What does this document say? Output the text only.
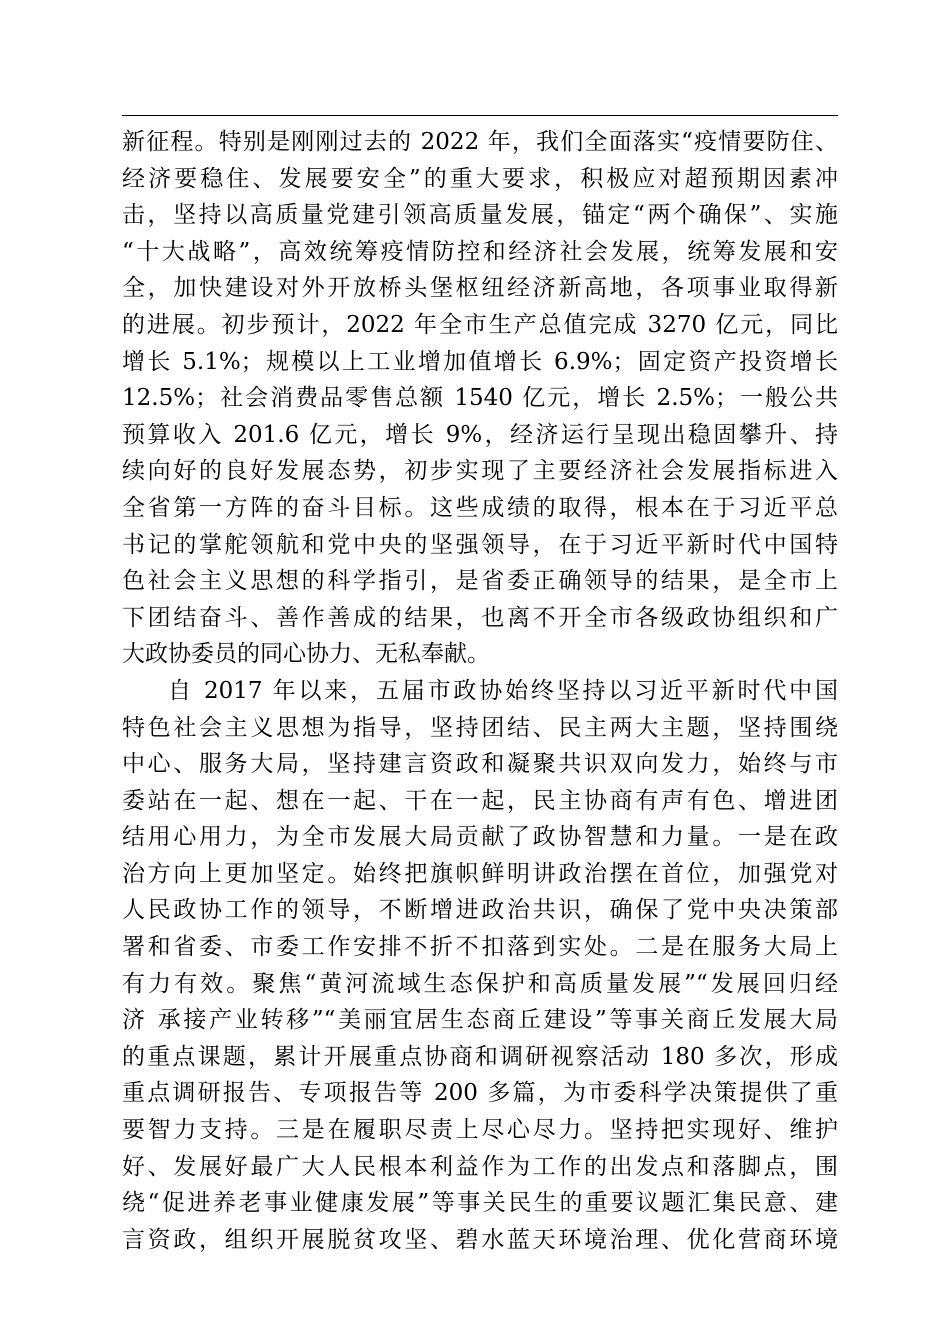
新征程。特别是刚刚过去的 2022 年，我们全面落实“疫情要防住、
经济要稳住、发展要安全”的重大要求，积极应对超预期因素冲
击，坚持以高质量党建引领高质量发展，锚定“两个确保”、实施
“十大战略”，高效统筹疫情防控和经济社会发展，统筹发展和安
全，加快建设对外开放桥头堡枢纽经济新高地，各项事业取得新
的进展。初步预计，2022 年全市生产总值完成 3270 亿元，同比
增长 5.1%；规模以上工业增加值增长 6.9%；固定资产投资增长
12.5%；社会消费品零售总额 1540 亿元，增长 2.5%；一般公共
预算收入 201.6 亿元，增长 9%，经济运行呈现出稳固攀升、持
续向好的良好发展态势，初步实现了主要经济社会发展指标进入
全省第一方阵的奋斗目标。这些成绩的取得，根本在于习近平总
书记的掌舵领航和党中央的坚强领导，在于习近平新时代中国特
色社会主义思想的科学指引，是省委正确领导的结果，是全市上
下团结奋斗、善作善成的结果，也离不开全市各级政协组织和广
大政协委员的同心协力、无私奉献。
自 2017 年以来，五届市政协始终坚持以习近平新时代中国
特色社会主义思想为指导，坚持团结、民主两大主题，坚持围绕
中心、服务大局，坚持建言资政和凝聚共识双向发力，始终与市
委站在一起、想在一起、干在一起，民主协商有声有色、增进团
结用心用力，为全市发展大局贡献了政协智慧和力量。一是在政
治方向上更加坚定。始终把旗帜鲜明讲政治摆在首位，加强党对
人民政协工作的领导，不断增进政治共识，确保了党中央决策部
署和省委、市委工作安排不折不扣落到实处。二是在服务大局上
有力有效。聚焦“黄河流域生态保护和高质量发展”“发展回归经
济 承接产业转移”“美丽宜居生态商丘建设”等事关商丘发展大局
的重点课题，累计开展重点协商和调研视察活动 180 多次，形成
重点调研报告、专项报告等 200 多篇，为市委科学决策提供了重
要智力支持。三是在履职尽责上尽心尽力。坚持把实现好、维护
好、发展好最广大人民根本利益作为工作的出发点和落脚点，围
绕“促进养老事业健康发展”等事关民生的重要议题汇集民意、建
言资政，组织开展脱贫攻坚、碧水蓝天环境治理、优化营商环境
